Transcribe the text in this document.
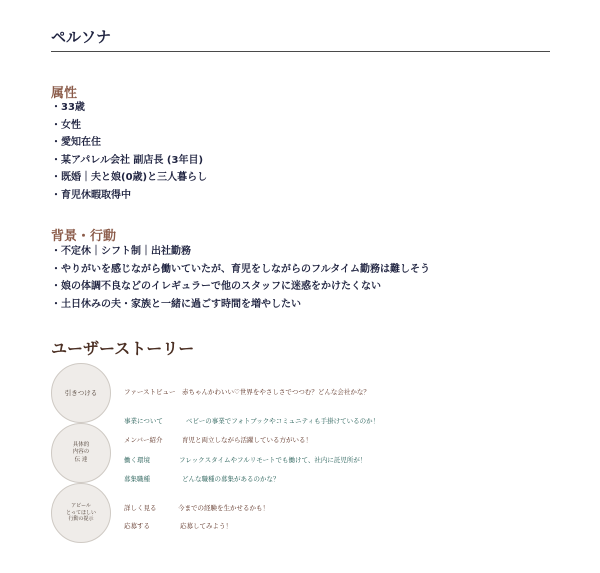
ペルソナ
属性
・ 33歳
・ 女性
・ 愛知在住
・ 某アパレル会社 副店長 (3年目)
・ 既婚｜夫と娘(0歳)と三人暮らし
・ 育児休暇取得中
背景・行動
・ 不定休｜シフト制｜出社勤務
・ やりがいを感じながら働いていたが、育児をしながらのフルタイム勤務は難しそう
・ 娘の体調不良などのイレギュラーで他のスタッフに迷惑をかけたくない
・ 土日休みの夫・家族と一緒に過ごす時間を増やしたい
ユーザーストーリー
引きつける
具体的
内容の
伝 達
アピール
とってほしい
行動の提示
ファーストビュー 赤ちゃんかわいい♡世界をやさしさでつつむ？どんな会社かな？
事業について	ベビーの事業でフォトブックやコミュニティも手掛けているのか！
メンバー紹介	育児と両立しながら活躍している方がいる！
働く環境	フレックスタイムやフルリモートでも働けて、社内に託児所が！
募集職種	どんな職種の募集があるのかな？
詳しく見る	今までの経験を生かせるかも！
応募する	応募してみよう！
